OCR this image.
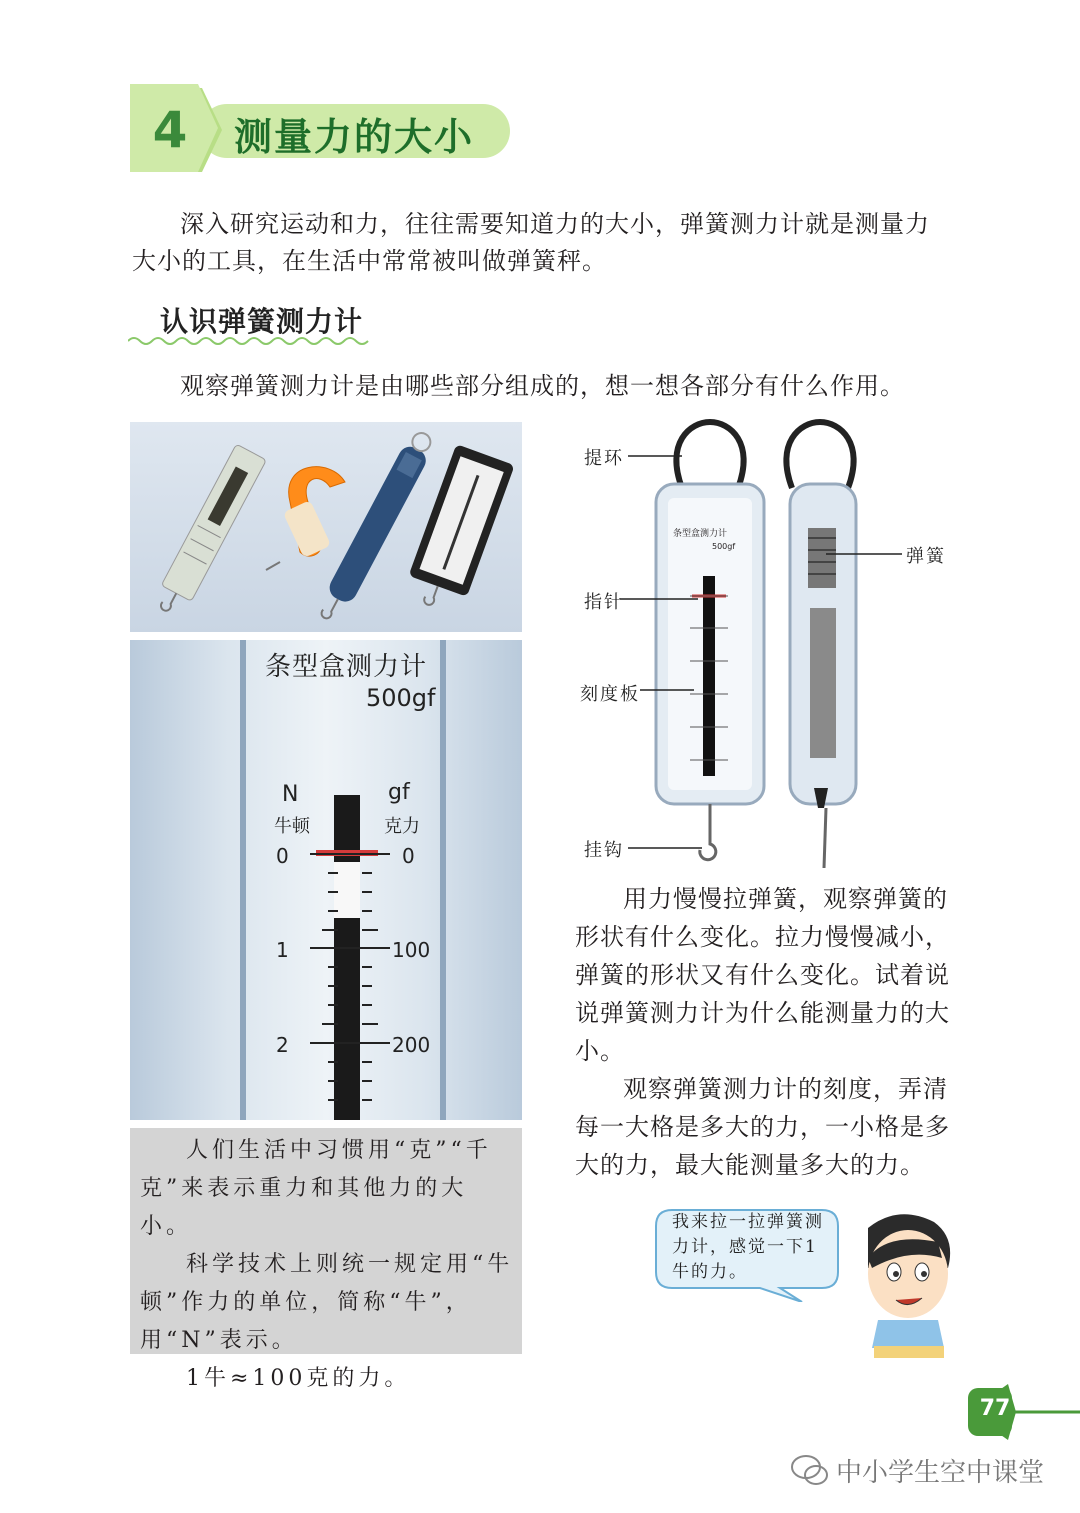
4	测量力的大小
深入研究运动和力，往往需要知道力的大小，弹簧测力计就是测量力大小的工具，在生活中常常被叫做弹簧秤。
认识弹簧测力计
观察弹簧测力计是由哪些部分组成的，想一想各部分有什么作用。
条型盒测力计
500gf
N
牛顿
gf
克力
0
1
2
0
100
200

人们生活中习惯用“克”“千克”来表示重力和其他力的大小。

科学技术上则统一规定用“牛顿”作力的单位，简称“牛”，用“N”表示。

1牛≈100克的力。

提环
弹簧
指针
刻度板
挂钩
条型盒测力计
500gf

用力慢慢拉弹簧，观察弹簧的形状有什么变化。拉力慢慢减小，弹簧的形状又有什么变化。试着说说弹簧测力计为什么能测量力的大小。

观察弹簧测力计的刻度，弄清每一大格是多大的力，一小格是多大的力，最大能测量多大的力。

我来拉一拉弹簧测力计，感觉一下1牛的力。
77
中小学生空中课堂
